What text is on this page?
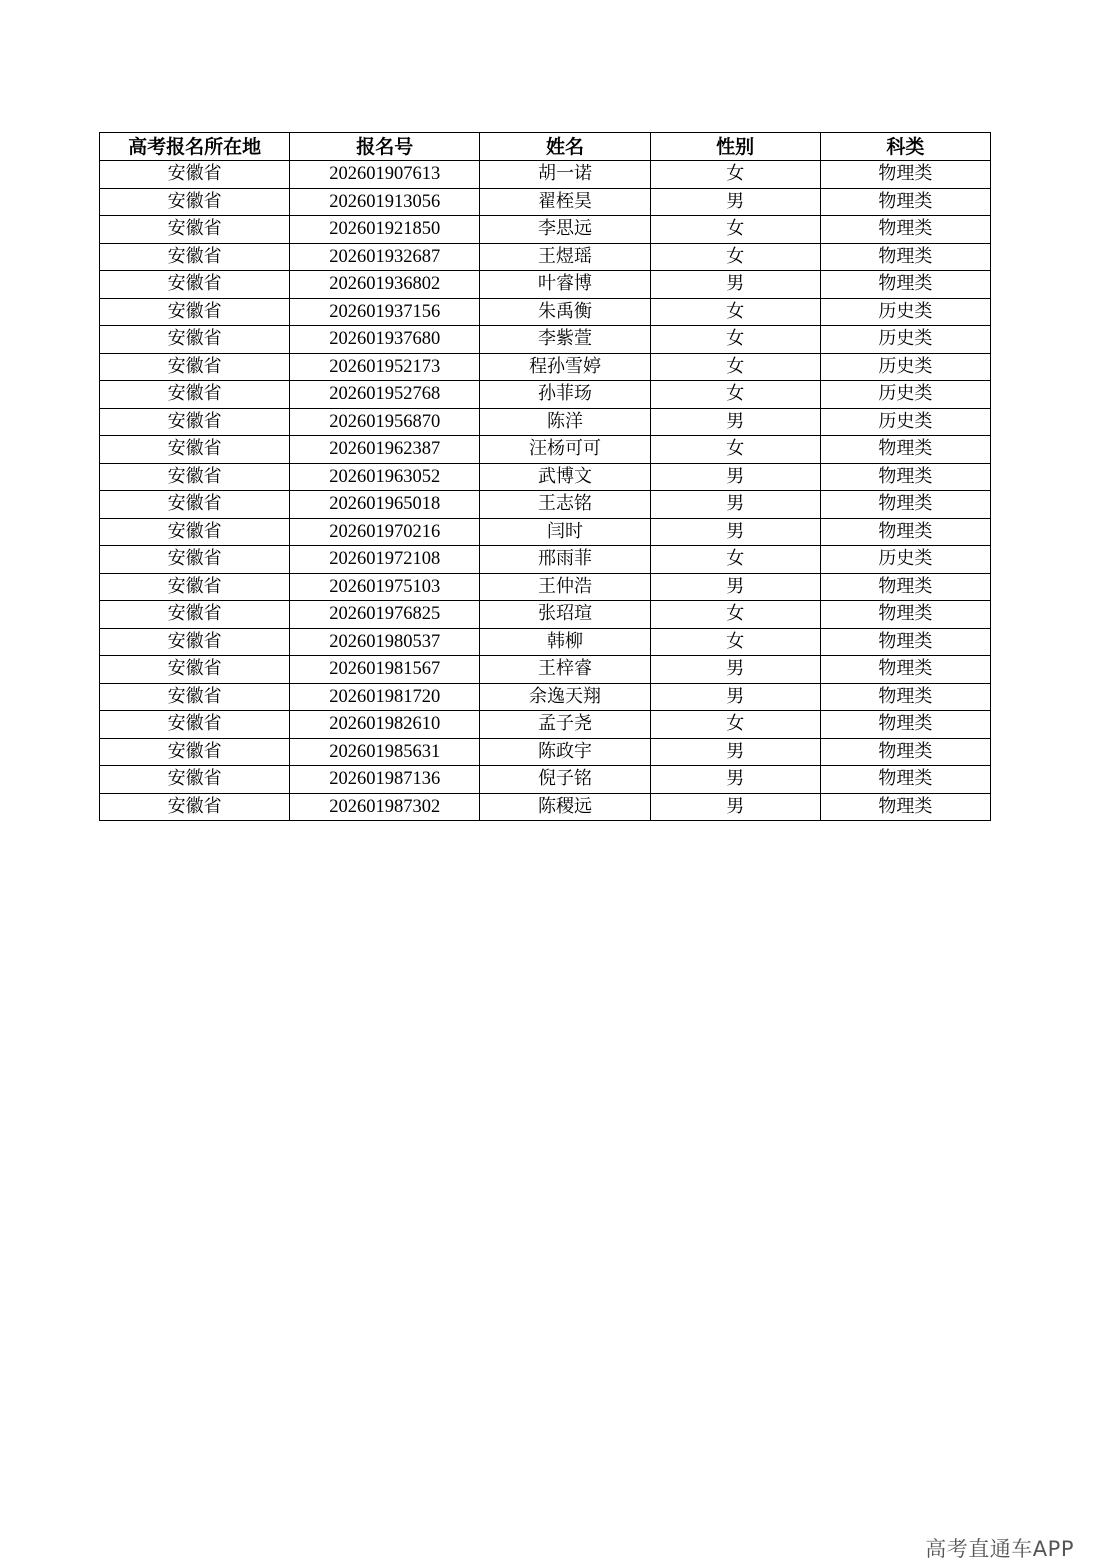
高考报名所在地	报名号	姓名	性别	科类
安徽省	202601907613	胡一诺	女	物理类
安徽省	202601913056	翟桎昊	男	物理类
安徽省	202601921850	李思远	女	物理类
安徽省	202601932687	王煜瑶	女	物理类
安徽省	202601936802	叶睿博	男	物理类
安徽省	202601937156	朱禹衡	女	历史类
安徽省	202601937680	李紫萱	女	历史类
安徽省	202601952173	程孙雪婷	女	历史类
安徽省	202601952768	孙菲玚	女	历史类
安徽省	202601956870	陈洋	男	历史类
安徽省	202601962387	汪杨可可	女	物理类
安徽省	202601963052	武博文	男	物理类
安徽省	202601965018	王志铭	男	物理类
安徽省	202601970216	闫时	男	物理类
安徽省	202601972108	邢雨菲	女	历史类
安徽省	202601975103	王仲浩	男	物理类
安徽省	202601976825	张玿瑄	女	物理类
安徽省	202601980537	韩柳	女	物理类
安徽省	202601981567	王梓睿	男	物理类
安徽省	202601981720	余逸天翔	男	物理类
安徽省	202601982610	孟子尧	女	物理类
安徽省	202601985631	陈政宇	男	物理类
安徽省	202601987136	倪子铭	男	物理类
安徽省	202601987302	陈稷远	男	物理类
高考直通车APP
